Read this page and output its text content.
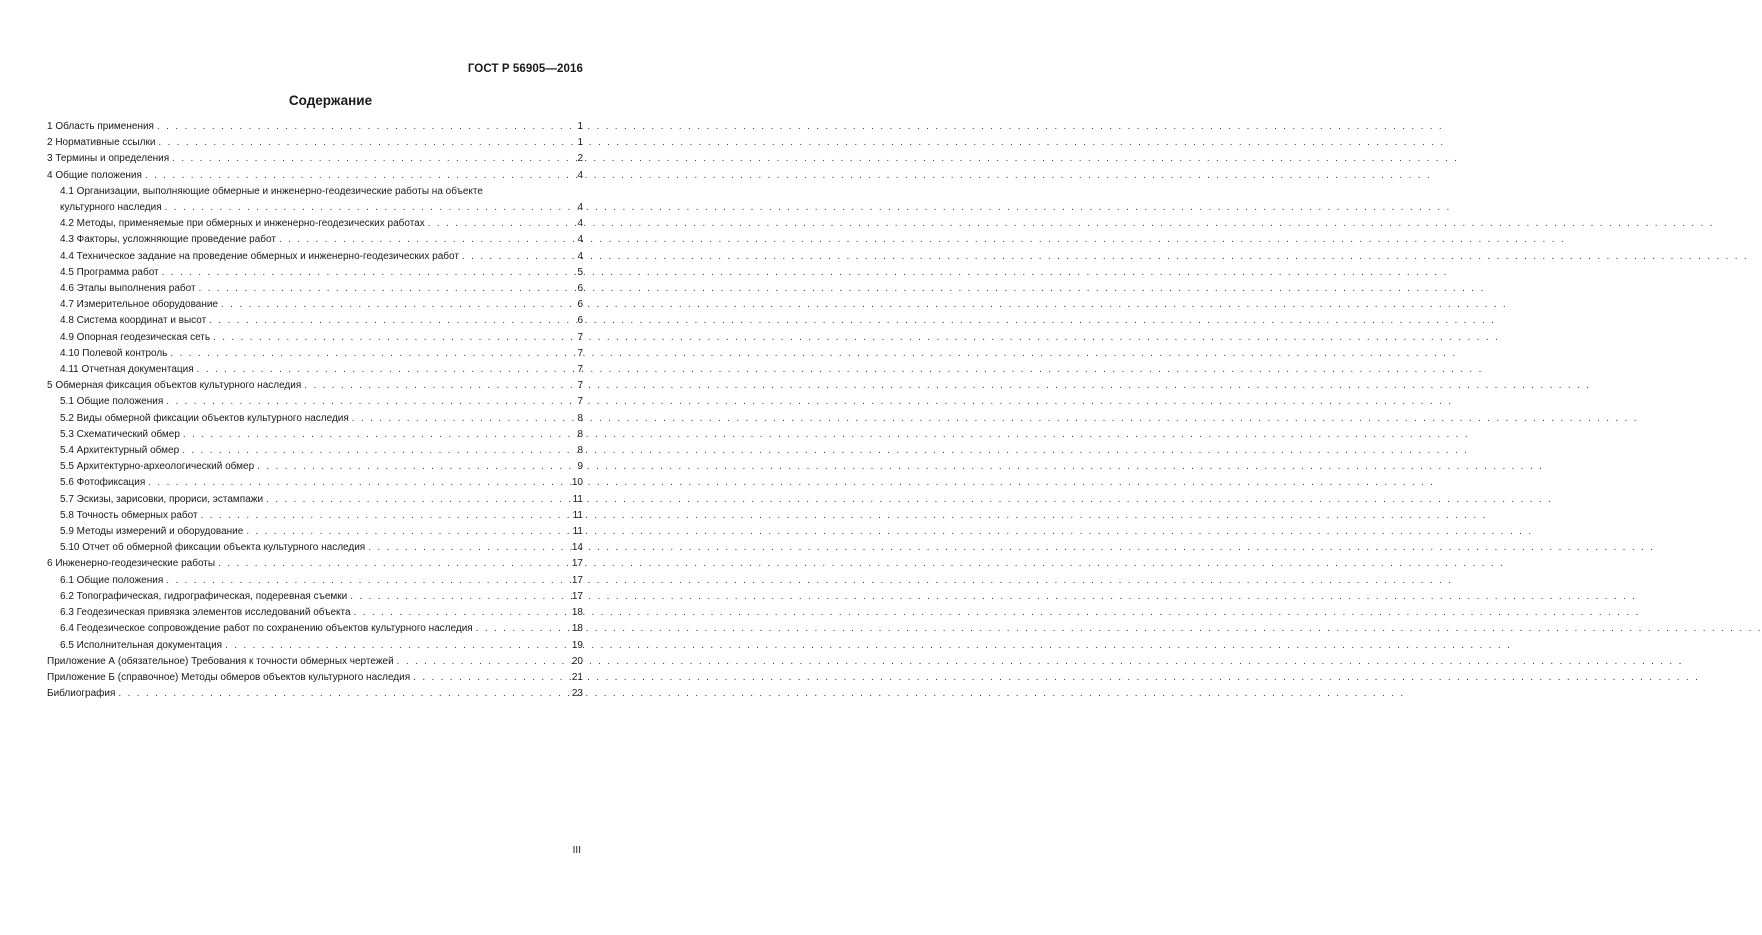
ГОСТ Р 56905—2016
Содержание
1 Область применения . . .	1
2 Нормативные ссылки . . .	1
3 Термины и определения . . .	2
4 Общие положения . . .	4
4.1 Организации, выполняющие обмерные и инженерно-геодезические работы на объекте
культурного наследия . . .	4
4.2 Методы, применяемые при обмерных и инженерно-геодезических работах . . .	4
4.3 Факторы, усложняющие проведение работ . . .	4
4.4 Техническое задание на проведение обмерных и инженерно-геодезических работ . . .	4
4.5 Программа работ . . .	5
4.6 Этапы выполнения работ . . .	6
4.7 Измерительное оборудование . . .	6
4.8 Система координат и высот . . .	6
4.9 Опорная геодезическая сеть . . .	7
4.10 Полевой контроль . . .	7
4.11 Отчетная документация . . .	7
5 Обмерная фиксация объектов культурного наследия . . .	7
5.1 Общие положения . . .	7
5.2 Виды обмерной фиксации объектов культурного наследия . . .	8
5.3 Схематический обмер . . .	8
5.4 Архитектурный обмер . . .	8
5.5 Архитектурно-археологический обмер . . .	9
5.6 Фотофиксация . . .	10
5.7 Эскизы, зарисовки, прориси, эстампажи . . .	11
5.8 Точность обмерных работ . . .	11
5.9 Методы измерений и оборудование . . .	11
5.10 Отчет об обмерной фиксации объекта культурного наследия . . .	14
6 Инженерно-геодезические работы . . .	17
6.1 Общие положения . . .	17
6.2 Топографическая, гидрографическая, подеревная съемки . . .	17
6.3 Геодезическая привязка элементов исследований объекта . . .	18
6.4 Геодезическое сопровождение работ по сохранению объектов культурного наследия . . .	18
6.5 Исполнительная документация . . .	19
Приложение А (обязательное) Требования к точности обмерных чертежей . . .	20
Приложение Б (справочное) Методы обмеров объектов культурного наследия . . .	21
Библиография . . .	23
III
